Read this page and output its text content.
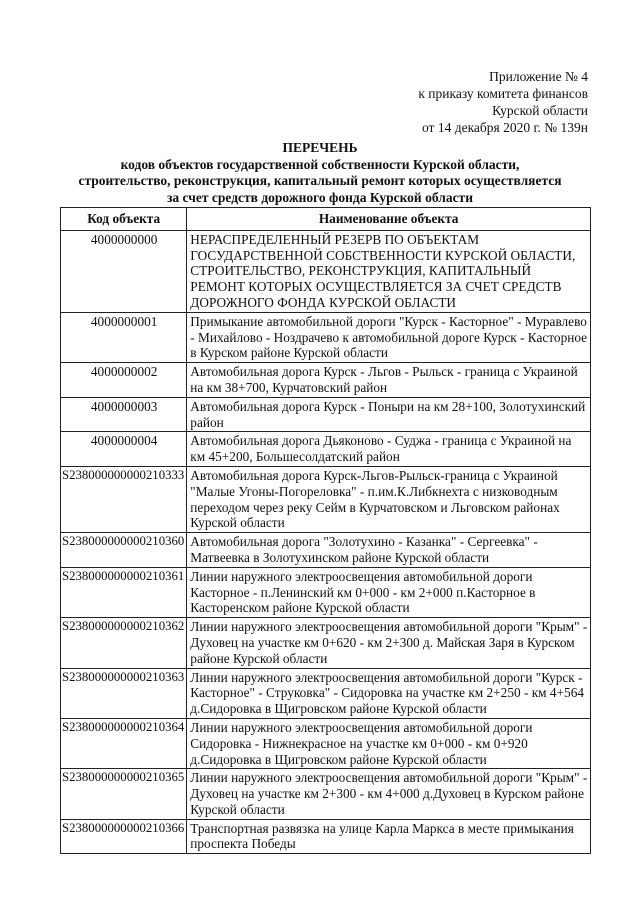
Приложение № 4
к приказу комитета финансов
Курской области
от 14 декабря 2020 г. № 139н
ПЕРЕЧЕНЬ
кодов объектов государственной собственности Курской области,
строительство, реконструкция, капитальный ремонт которых осуществляется
за счет средств дорожного фонда Курской области
Код объекта	Наименование объекта
4000000000	НЕРАСПРЕДЕЛЕННЫЙ РЕЗЕРВ ПО ОБЪЕКТАМ ГОСУДАРСТВЕННОЙ СОБСТВЕННОСТИ КУРСКОЙ ОБЛАСТИ, СТРОИТЕЛЬСТВО, РЕКОНСТРУКЦИЯ, КАПИТАЛЬНЫЙ РЕМОНТ КОТОРЫХ ОСУЩЕСТВЛЯЕТСЯ ЗА СЧЕТ СРЕДСТВ ДОРОЖНОГО ФОНДА КУРСКОЙ ОБЛАСТИ
4000000001	Примыкание автомобильной дороги "Курск - Касторное" - Муравлево - Михайлово - Ноздрачево к автомобильной дороге Курск - Касторное в Курском районе Курской области
4000000002	Автомобильная дорога Курск - Льгов - Рыльск - граница с Украиной на км 38+700, Курчатовский район
4000000003	Автомобильная дорога Курск - Поныри на км 28+100, Золотухинский район
4000000004	Автомобильная дорога Дьяконово - Суджа - граница с Украиной на км 45+200, Большесолдатский район
S238000000000210333	Автомобильная дорога Курск-Льгов-Рыльск-граница с Украиной "Малые Угоны-Погореловка" - п.им.К.Либкнехта с низководным переходом через реку Сейм в Курчатовском и Льговском районах Курской области
S238000000000210360	Автомобильная дорога "Золотухино - Казанка" - Сергеевка" - Матвеевка в Золотухинском районе Курской области
S238000000000210361	Линии наружного электроосвещения автомобильной дороги Касторное - п.Ленинский км 0+000 - км 2+000 п.Касторное в Касторенском районе Курской области
S238000000000210362	Линии наружного электроосвещения автомобильной дороги "Крым" - Духовец на участке км 0+620 - км 2+300 д. Майская Заря в Курском районе Курской области
S238000000000210363	Линии наружного электроосвещения автомобильной дороги "Курск - Касторное" - Струковка" - Сидоровка на участке км 2+250 - км 4+564 д.Сидоровка в Щигровском районе Курской области
S238000000000210364	Линии наружного электроосвещения автомобильной дороги Сидоровка - Нижнекрасное на участке км 0+000 - км 0+920 д.Сидоровка в Щигровском районе Курской области
S238000000000210365	Линии наружного электроосвещения автомобильной дороги "Крым" - Духовец на участке км 2+300 - км 4+000 д.Духовец в Курском районе Курской области
S238000000000210366	Транспортная развязка на улице Карла Маркса в месте примыкания проспекта Победы
